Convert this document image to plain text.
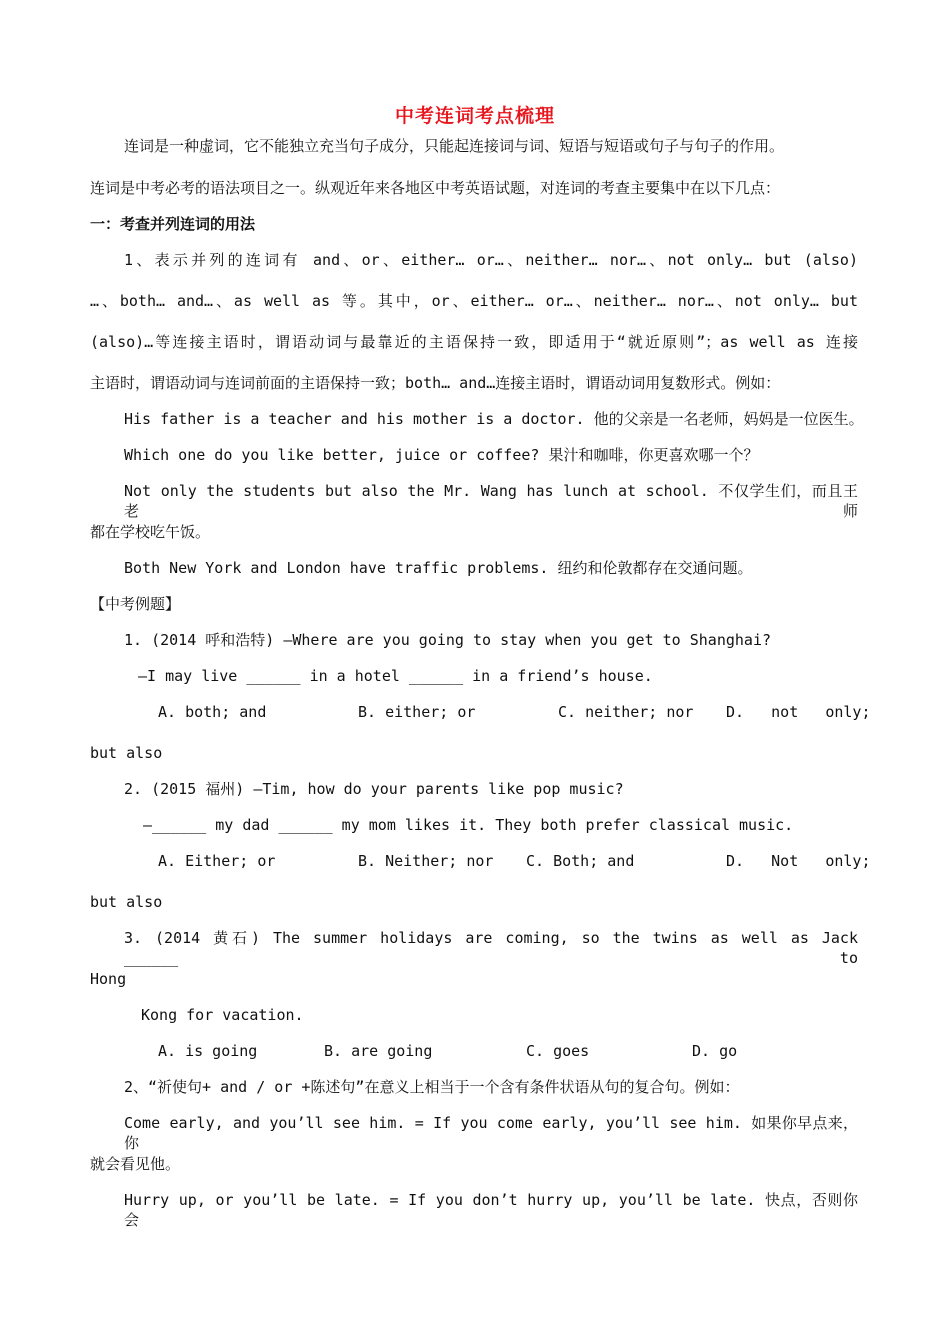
中考连词考点梳理
连词是一种虚词，它不能独立充当句子成分，只能起连接词与词、短语与短语或句子与句子的作用。
连词是中考必考的语法项目之一。纵观近年来各地区中考英语试题，对连词的考查主要集中在以下几点：
一：考查并列连词的用法
1、表示并列的连词有 and、or、either… or…、neither… nor…、not only… but (also)
…、both… and…、as well as 等。其中，or、either… or…、neither… nor…、not only… but
(also)…等连接主语时，谓语动词与最靠近的主语保持一致，即适用于“就近原则”；as well as 连接
主语时，谓语动词与连词前面的主语保持一致；both… and…连接主语时，谓语动词用复数形式。例如：
His father is a teacher and his mother is a doctor. 他的父亲是一名老师，妈妈是一位医生。
Which one do you like better, juice or coffee? 果汁和咖啡，你更喜欢哪一个？
Not only the students but also the Mr. Wang has lunch at school. 不仅学生们，而且王老师
都在学校吃午饭。
Both New York and London have traffic problems. 纽约和伦敦都存在交通问题。
【中考例题】
1. (2014 呼和浩特) —Where are you going to stay when you get to Shanghai?
—I may live ______ in a hotel ______ in a friend’s house.
A. both; and	B. either; or	C. neither; nor D.   not   only;
but also
2. (2015 福州) —Tim, how do your parents like pop music?
—______ my dad ______ my mom likes it. They both prefer classical music.
A. Either; or	B. Neither; nor C. Both; and	D.   Not   only;
but also
3. (2014 黄石) The summer holidays are coming, so the twins as well as Jack ______ to
Hong
Kong for vacation.
A. is going	B. are going	C. goes	D. go
2、“祈使句+ and / or +陈述句”在意义上相当于一个含有条件状语从句的复合句。例如：
Come early, and you’ll see him. = If you come early, you’ll see him. 如果你早点来，你
就会看见他。
Hurry up, or you’ll be late. = If you don’t hurry up, you’ll be late. 快点，否则你会
